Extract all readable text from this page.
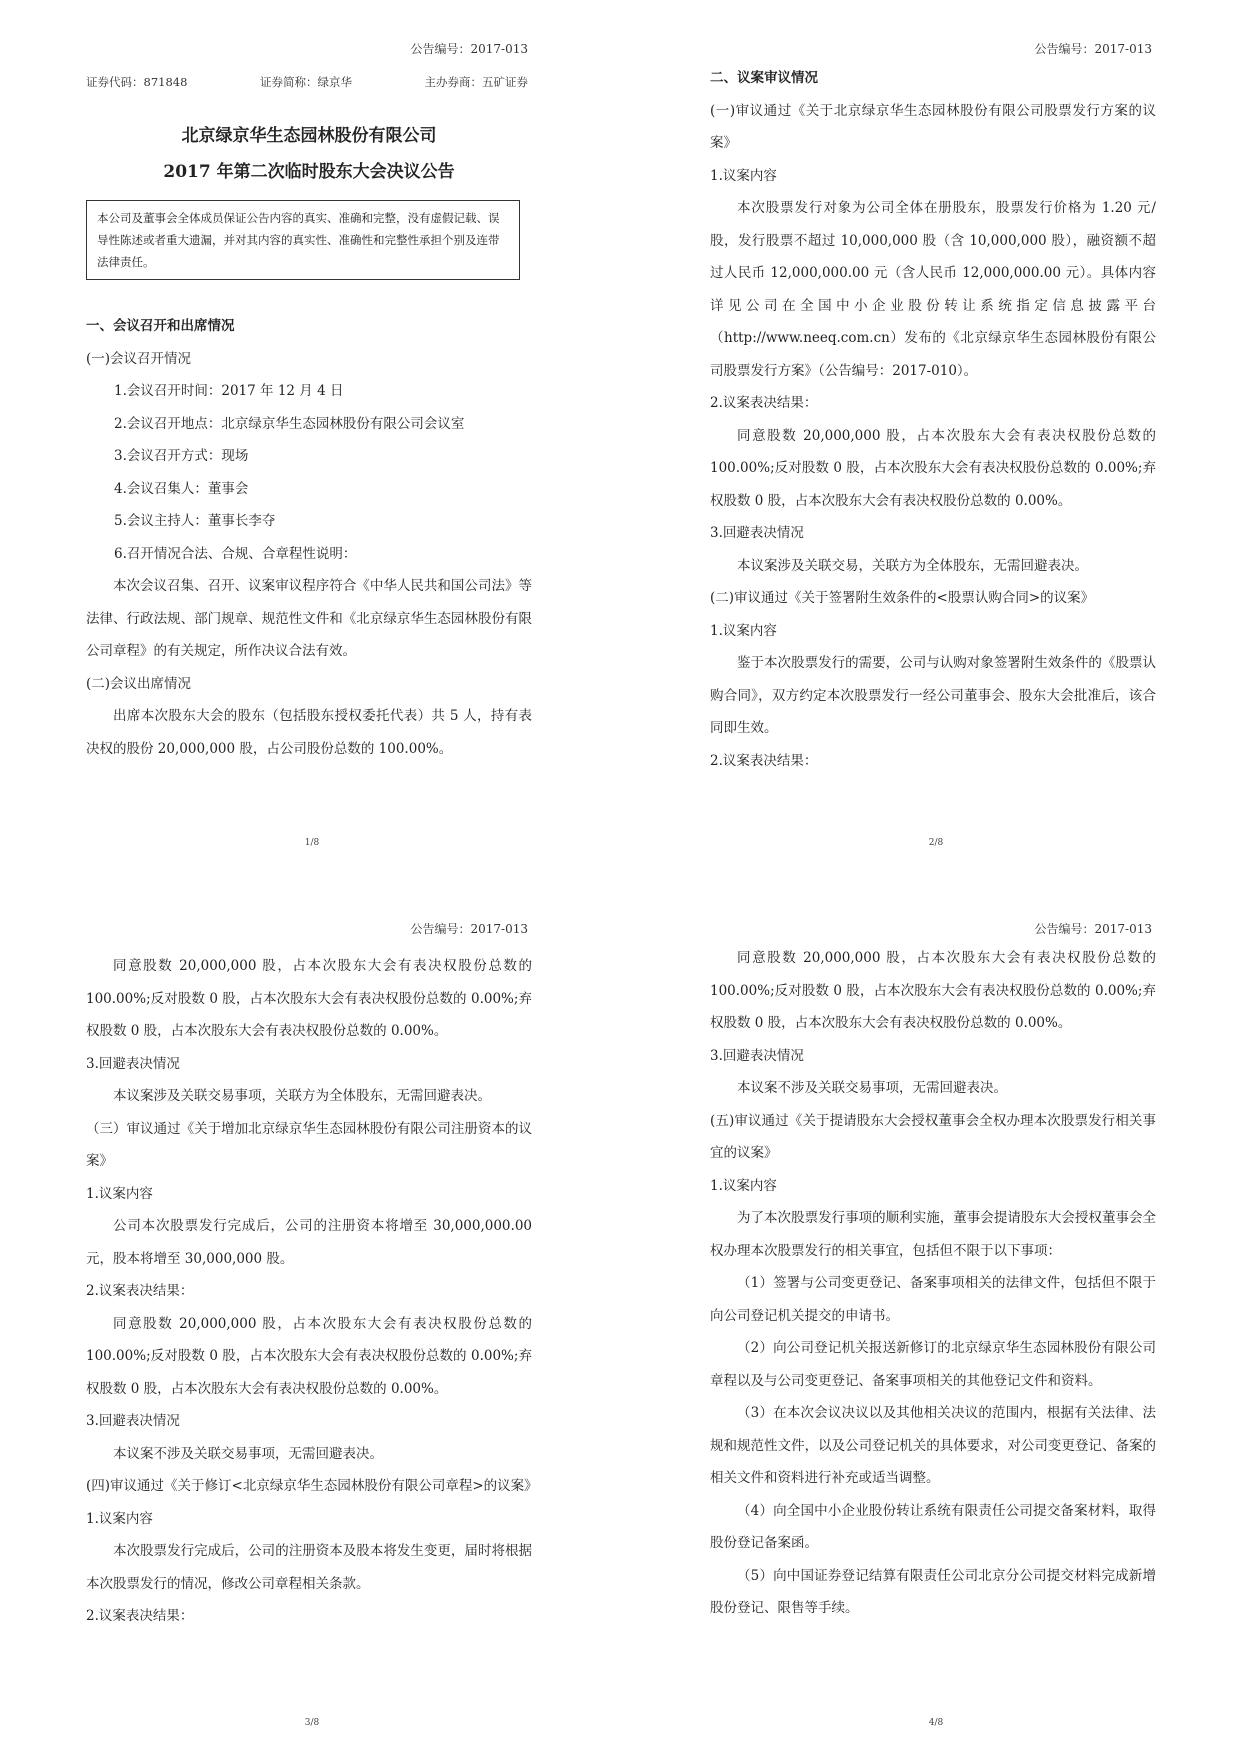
公告编号：2017-013
证券代码：871848	证券简称：绿京华	主办券商：五矿证券
北京绿京华生态园林股份有限公司
2017 年第二次临时股东大会决议公告
本公司及董事会全体成员保证公告内容的真实、准确和完整，没有虚假记载、误导性陈述或者重大遗漏，并对其内容的真实性、准确性和完整性承担个别及连带法律责任。

一、会议召开和出席情况

(一)会议召开情况

1.会议召开时间：2017 年 12 月 4 日

2.会议召开地点：北京绿京华生态园林股份有限公司会议室

3.会议召开方式：现场

4.会议召集人：董事会

5.会议主持人：董事长李夺

6.召开情况合法、合规、合章程性说明：

本次会议召集、召开、议案审议程序符合《中华人民共和国公司法》等法律、行政法规、部门规章、规范性文件和《北京绿京华生态园林股份有限公司章程》的有关规定，所作决议合法有效。

(二)会议出席情况

出席本次股东大会的股东（包括股东授权委托代表）共 5 人，持有表决权的股份 20,000,000 股，占公司股份总数的 100.00%。

1/8
公告编号：2017-013

二、议案审议情况

(一)审议通过《关于北京绿京华生态园林股份有限公司股票发行方案的议案》

1.议案内容

本次股票发行对象为公司全体在册股东，股票发行价格为 1.20 元/股，发行股票不超过 10,000,000 股（含 10,000,000 股），融资额不超过人民币 12,000,000.00 元（含人民币 12,000,000.00 元）。具体内容详见公司在全国中小企业股份转让系统指定信息披露平台（http://www.neeq.com.cn）发布的《北京绿京华生态园林股份有限公司股票发行方案》（公告编号：2017-010）。

2.议案表决结果：

同意股数 20,000,000 股，占本次股东大会有表决权股份总数的 100.00%;反对股数 0 股，占本次股东大会有表决权股份总数的 0.00%;弃权股数 0 股，占本次股东大会有表决权股份总数的 0.00%。

3.回避表决情况

本议案涉及关联交易，关联方为全体股东，无需回避表决。

(二)审议通过《关于签署附生效条件的<股票认购合同>的议案》

1.议案内容

鉴于本次股票发行的需要，公司与认购对象签署附生效条件的《股票认购合同》，双方约定本次股票发行一经公司董事会、股东大会批准后，该合同即生效。

2.议案表决结果：

2/8
公告编号：2017-013

同意股数 20,000,000 股，占本次股东大会有表决权股份总数的 100.00%;反对股数 0 股，占本次股东大会有表决权股份总数的 0.00%;弃权股数 0 股，占本次股东大会有表决权股份总数的 0.00%。

3.回避表决情况

本议案涉及关联交易事项，关联方为全体股东，无需回避表决。

（三）审议通过《关于增加北京绿京华生态园林股份有限公司注册资本的议案》

1.议案内容

公司本次股票发行完成后，公司的注册资本将增至 30,000,000.00 元，股本将增至 30,000,000 股。

2.议案表决结果：

同意股数 20,000,000 股，占本次股东大会有表决权股份总数的 100.00%;反对股数 0 股，占本次股东大会有表决权股份总数的 0.00%;弃权股数 0 股，占本次股东大会有表决权股份总数的 0.00%。

3.回避表决情况

本议案不涉及关联交易事项，无需回避表决。

(四)审议通过《关于修订<北京绿京华生态园林股份有限公司章程>的议案》

1.议案内容

本次股票发行完成后，公司的注册资本及股本将发生变更，届时将根据本次股票发行的情况，修改公司章程相关条款。

2.议案表决结果：

3/8
公告编号：2017-013

同意股数 20,000,000 股，占本次股东大会有表决权股份总数的 100.00%;反对股数 0 股，占本次股东大会有表决权股份总数的 0.00%;弃权股数 0 股，占本次股东大会有表决权股份总数的 0.00%。

3.回避表决情况

本议案不涉及关联交易事项，无需回避表决。

(五)审议通过《关于提请股东大会授权董事会全权办理本次股票发行相关事宜的议案》

1.议案内容

为了本次股票发行事项的顺利实施，董事会提请股东大会授权董事会全权办理本次股票发行的相关事宜，包括但不限于以下事项：

（1）签署与公司变更登记、备案事项相关的法律文件，包括但不限于向公司登记机关提交的申请书。

（2）向公司登记机关报送新修订的北京绿京华生态园林股份有限公司章程以及与公司变更登记、备案事项相关的其他登记文件和资料。

（3）在本次会议决议以及其他相关决议的范围内，根据有关法律、法规和规范性文件，以及公司登记机关的具体要求，对公司变更登记、备案的相关文件和资料进行补充或适当调整。

（4）向全国中小企业股份转让系统有限责任公司提交备案材料，取得股份登记备案函。

（5）向中国证券登记结算有限责任公司北京分公司提交材料完成新增股份登记、限售等手续。

4/8
